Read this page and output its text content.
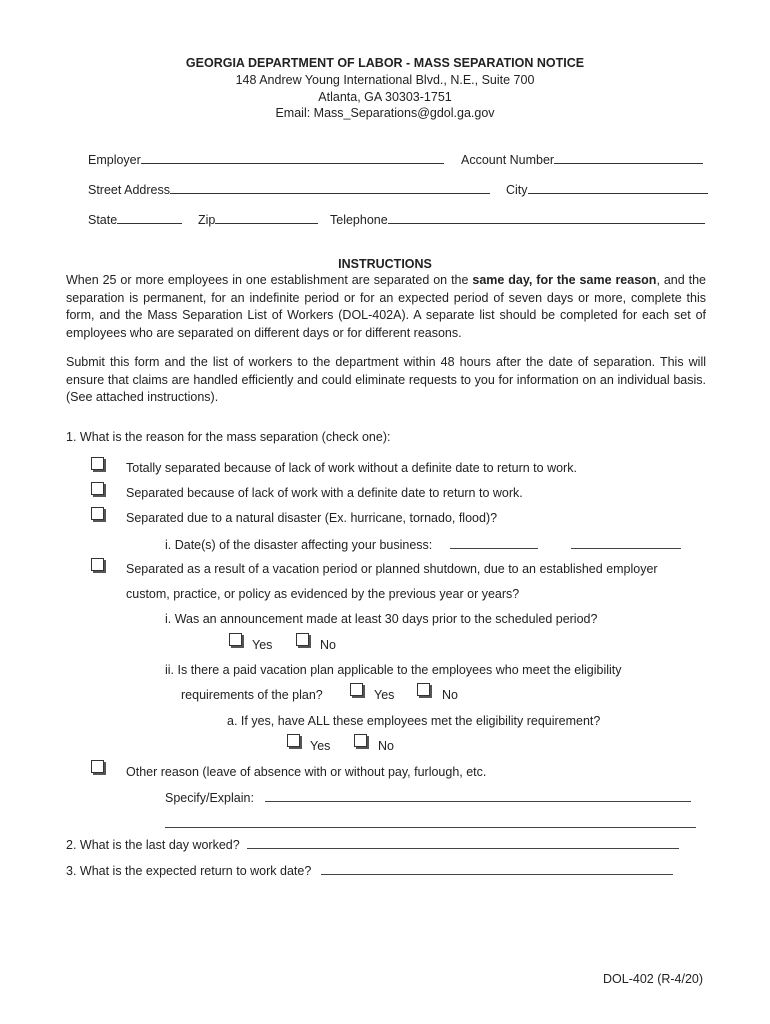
GEORGIA DEPARTMENT OF LABOR - MASS SEPARATION NOTICE
148 Andrew Young International Blvd., N.E., Suite 700
Atlanta, GA 30303-1751
Email: Mass_Separations@gdol.ga.gov
Employer	Account Number
Street Address	City
State	Zip	Telephone
INSTRUCTIONS
When 25 or more employees in one establishment are separated on the same day, for the same reason, and the separation is permanent, for an indefinite period or for an expected period of seven days or more, complete this form, and the Mass Separation List of Workers (DOL-402A). A separate list should be completed for each set of employees who are separated on different days or for different reasons.
Submit this form and the list of workers to the department within 48 hours after the date of separation. This will ensure that claims are handled efficiently and could eliminate requests to you for information on an individual basis. (See attached instructions).
1. What is the reason for the mass separation (check one):
Totally separated because of lack of work without a definite date to return to work.
Separated because of lack of work with a definite date to return to work.
Separated due to a natural disaster (Ex. hurricane, tornado, flood)?
i. Date(s) of the disaster affecting your business:
Separated as a result of a vacation period or planned shutdown, due to an established employer
custom, practice, or policy as evidenced by the previous year or years?
i. Was an announcement made at least 30 days prior to the scheduled period?
Yes	No
ii. Is there a paid vacation plan applicable to the employees who meet the eligibility
requirements of the plan?	Yes	No
a. If yes, have ALL these employees met the eligibility requirement?
Yes	No
Other reason (leave of absence with or without pay, furlough, etc.
Specify/Explain:
2. What is the last day worked?
3. What is the expected return to work date?
DOL-402 (R-4/20)
